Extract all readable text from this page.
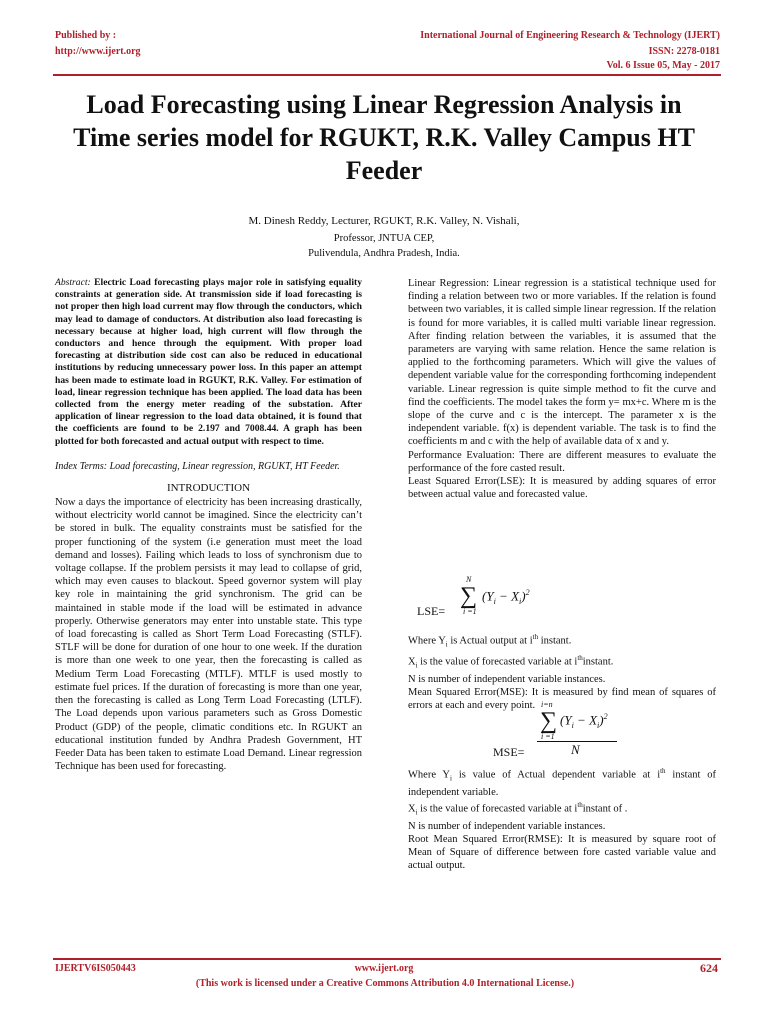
Published by :
http://www.ijert.org
International Journal of Engineering Research & Technology (IJERT)
ISSN: 2278-0181
Vol. 6 Issue 05, May - 2017
Load Forecasting using Linear Regression Analysis in Time series model for RGUKT, R.K. Valley Campus HT Feeder
M. Dinesh Reddy, Lecturer, RGUKT, R.K. Valley, N. Vishali,
Professor, JNTUA CEP,
Pulivendula, Andhra Pradesh, India.

Abstract: Electric Load forecasting plays major role in satisfying equality constraints at generation side. At transmission side if load forecasting is not proper then high load current may flow through the conductors, which may lead to damage of conductors. At distribution also load forecasting is necessary because at higher load, high current will flow through the conductors and hence through the equipment. With proper load forecasting at distribution side cost can also be reduced in educational institutions by reducing unnecessary power loss. In this paper an attempt has been made to estimate load in RGUKT, R.K. Valley. For estimation of load, linear regression technique has been applied. The load data has been collected from the energy meter reading of the substation. After application of linear regression to the load data obtained, it is found that the coefficients are found to be 2.197 and 7008.44. A graph has been plotted for both forecasted and actual output with respect to time.

Index Terms: Load forecasting, Linear regression, RGUKT, HT Feeder.

INTRODUCTION

Now a days the importance of electricity has been increasing drastically, without electricity world cannot be imagined. Since the electricity can’t be stored in bulk. The equality constraints must be satisfied for the proper functioning of the system (i.e generation must meet the load demand and losses). Failing which leads to loss of synchronism due to voltage collapse. If the problem persists it may lead to collapse of grid, which may even causes to blackout. Speed governor system will play key role in maintaining the grid synchronism. The grid can be maintained in stable mode if the load will be estimated in advance properly. Otherwise generators may enter into unstable state. This type of load forecasting is called as Short Term Load Forecasting (STLF). STLF will be done for duration of one hour to one week. If the duration is more than one week to one year, then the forecasting is called as Medium Term Load Forecasting (MTLF). MTLF is used mostly to estimate fuel prices. If the duration of forecasting is more than one year, then the forecasting is called as Long Term Load Forecasting (LTLF). The Load depends upon various parameters such as Gross Domestic Product (GDP) of the people, climatic conditions etc. In RGUKT an educational institution funded by Andhra Pradesh Government, HT Feeder Data has been taken to estimate Load Demand. Linear regression Technique has been used for forecasting.

Linear Regression: Linear regression is a statistical technique used for finding a relation between two or more variables. If the relation is found between two variables, it is called simple linear regression. If the relation is found for more variables, it is called multi variable linear regression. After finding relation between the variables, it is assumed that the parameters are varying with same relation. Hence the same relation is applied to the forthcoming parameters. Which will give the values of dependent variable value for the corresponding forthcoming independent variable. Linear regression is quite simple method to fit the curve and find the coefficients. The model takes the form y= mx+c. Where m is the slope of the curve and c is the intercept. The parameter x is the independent variable. f(x) is dependent variable. The task is to find the coefficients m and c with the help of available data of x and y.

Performance Evaluation: There are different measures to evaluate the performance of the fore casted result.

Least Squared Error(LSE): It is measured by adding squares of error between actual value and forecasted value.

LSE=
N
∑
i =1
$(Y_i - X_i)^2$

Where $Y_i$ is Actual output at $i^{th}$ instant.

$X_i$ is the value of forecasted variable at $i^{th}instant$.

N is number of independent variable instances.

Mean Squared Error(MSE): It is measured by find mean of squares of errors at each and every point. i=n
∑
i =1
$(Y_i - X_i)^2$
N
MSE=

Where $Y_i$ is value of Actual dependent variable at $i^{th}$ instant of independent variable.

$X_i$ is the value of forecasted variable at $i^{th}instant$ of .

N is number of independent variable instances.

Root Mean Squared Error(RMSE): It is measured by square root of Mean of Square of difference between fore casted variable value and actual output.

IJERTV6IS050443	www.ijert.org	624
(This work is licensed under a Creative Commons Attribution 4.0 International License.)
